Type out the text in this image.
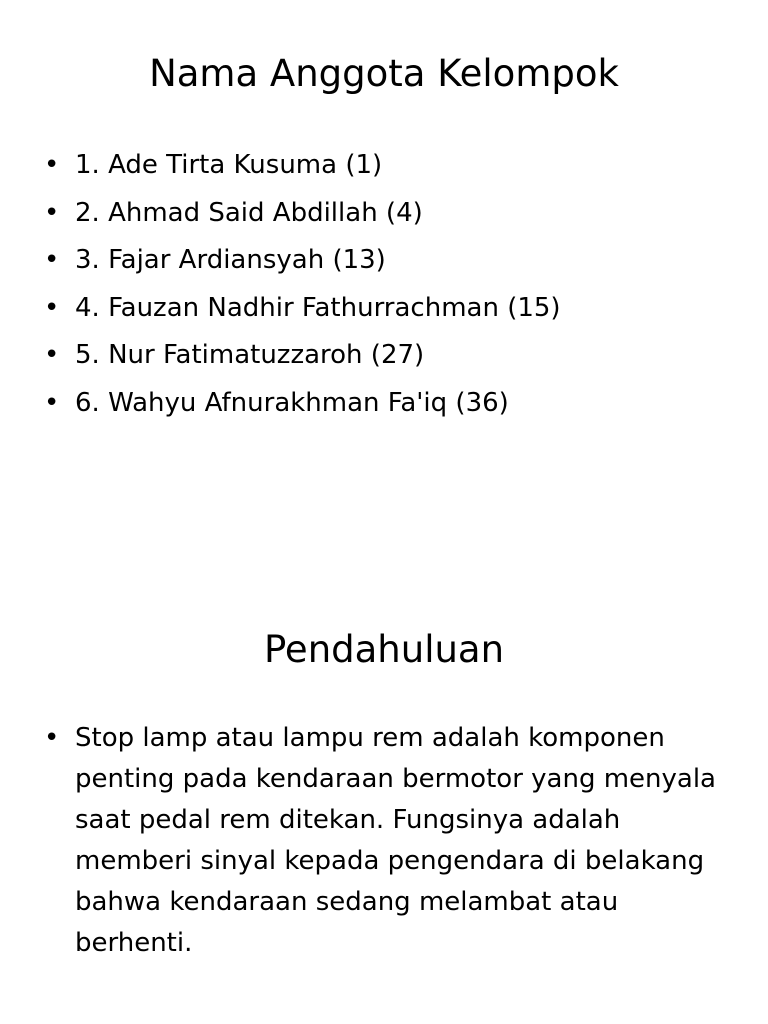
Nama Anggota Kelompok
• 1. Ade Tirta Kusuma (1)
• 2. Ahmad Said Abdillah (4)
• 3. Fajar Ardiansyah (13)
• 4. Fauzan Nadhir Fathurrachman (15)
• 5. Nur Fatimatuzzaroh (27)
• 6. Wahyu Afnurakhman Fa'iq (36)
Pendahuluan
• Stop lamp atau lampu rem adalah komponen penting pada kendaraan bermotor yang menyala saat pedal rem ditekan. Fungsinya adalah memberi sinyal kepada pengendara di belakang bahwa kendaraan sedang melambat atau berhenti.
